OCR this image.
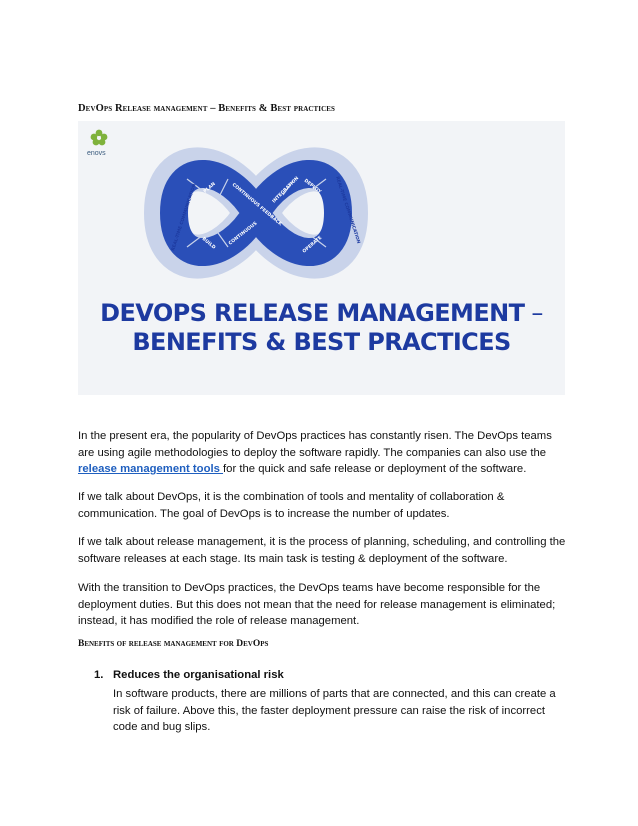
DevOps Release management – Benefits & Best practices
PLAN
BUILD	CONTINUOUS
CONTINUOUS FEEDBACK
INTEGRATION DEPLOY
OPERATE
REAL-TIME COMMUNICATION	REAL-TIME COMMUNICATION
enovs
DEVOPS RELEASE MANAGEMENT –
BENEFITS & BEST PRACTICES
In the present era, the popularity of DevOps practices has constantly risen. The DevOps teams are using agile methodologies to deploy the software rapidly. The companies can also use the release management tools for the quick and safe release or deployment of the software.
If we talk about DevOps, it is the combination of tools and mentality of collaboration & communication. The goal of DevOps is to increase the number of updates.
If we talk about release management, it is the process of planning, scheduling, and controlling the software releases at each stage. Its main task is testing & deployment of the software.
With the transition to DevOps practices, the DevOps teams have become responsible for the deployment duties. But this does not mean that the need for release management is eliminated; instead, it has modified the role of release management.
Benefits of release management for DevOps
1. Reduces the organisational risk
In software products, there are millions of parts that are connected, and this can create a risk of failure. Above this, the faster deployment pressure can raise the risk of incorrect code and bug slips.
